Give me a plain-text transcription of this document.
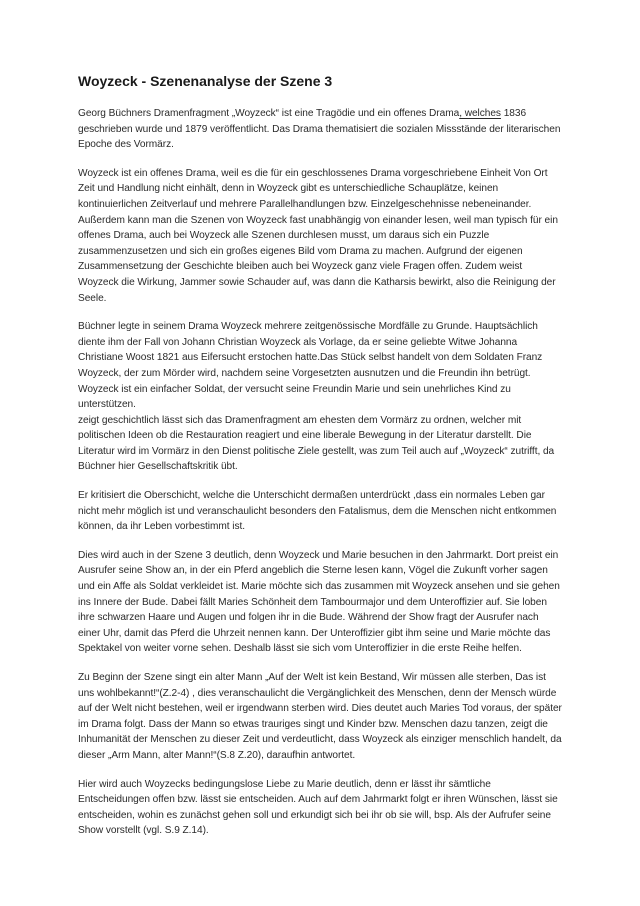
Woyzeck - Szenenanalyse der Szene 3

Georg Büchners Dramenfragment „Woyzeck“ ist eine Tragödie und ein offenes Drama, welches 1836 geschrieben wurde und 1879 veröffentlicht. Das Drama thematisiert die sozialen Missstände der literarischen Epoche des Vormärz.

Woyzeck ist ein offenes Drama, weil es die für ein geschlossenes Drama vorgeschriebene Einheit Von Ort Zeit und Handlung nicht einhält, denn in Woyzeck gibt es unterschiedliche Schauplätze, keinen kontinuierlichen Zeitverlauf und mehrere Parallelhandlungen bzw. Einzelgeschehnisse nebeneinander. Außerdem kann man die Szenen von Woyzeck fast unabhängig von einander lesen, weil man typisch für ein offenes Drama, auch bei Woyzeck alle Szenen durchlesen musst, um daraus sich ein Puzzle zusammenzusetzen und sich ein großes eigenes Bild vom Drama zu machen. Aufgrund der eigenen Zusammensetzung der Geschichte bleiben auch bei Woyzeck ganz viele Fragen offen. Zudem weist Woyzeck die Wirkung, Jammer sowie Schauder auf, was dann die Katharsis bewirkt, also die Reinigung der Seele.

Büchner legte in seinem Drama Woyzeck mehrere zeitgenössische Mordfälle zu Grunde. Hauptsächlich diente ihm der Fall von Johann Christian Woyzeck als Vorlage, da er seine geliebte Witwe Johanna Christiane Woost 1821 aus Eifersucht erstochen hatte.Das Stück selbst handelt von dem Soldaten Franz Woyzeck, der zum Mörder wird, nachdem seine Vorgesetzten ausnutzen und die Freundin ihn betrügt. Woyzeck ist ein einfacher Soldat, der versucht seine Freundin Marie und sein unehrliches Kind zu unterstützen.

zeigt geschichtlich lässt sich das Dramenfragment am ehesten dem Vormärz zu ordnen, welcher mit politischen Ideen ob die Restauration reagiert und eine liberale Bewegung in der Literatur darstellt. Die Literatur wird im Vormärz in den Dienst politische Ziele gestellt, was zum Teil auch auf „Woyzeck“ zutrifft, da Büchner hier Gesellschaftskritik übt.

Er kritisiert die Oberschicht, welche die Unterschicht dermaßen unterdrückt ,dass ein normales Leben gar nicht mehr möglich ist und veranschaulicht besonders den Fatalismus, dem die Menschen nicht entkommen können, da ihr Leben vorbestimmt ist.

Dies wird auch in der Szene 3 deutlich, denn Woyzeck und Marie besuchen in den Jahrmarkt. Dort preist ein Ausrufer seine Show an, in der ein Pferd angeblich die Sterne lesen kann, Vögel die Zukunft vorher sagen und ein Affe als Soldat verkleidet ist. Marie möchte sich das zusammen mit Woyzeck ansehen und sie gehen ins Innere der Bude. Dabei fällt Maries Schönheit dem Tambourmajor und dem Unteroffizier auf. Sie loben ihre schwarzen Haare und Augen und folgen ihr in die Bude. Während der Show fragt der Ausrufer nach einer Uhr, damit das Pferd die Uhrzeit nennen kann. Der Unteroffizier gibt ihm seine und Marie möchte das Spektakel von weiter vorne sehen. Deshalb lässt sie sich vom Unteroffizier in die erste Reihe helfen.

Zu Beginn der Szene singt ein alter Mann „Auf der Welt ist kein Bestand, Wir müssen alle sterben, Das ist uns wohlbekannt!“(Z.2-4) , dies veranschaulicht die Vergänglichkeit des Menschen, denn der Mensch würde auf der Welt nicht bestehen, weil er irgendwann sterben wird. Dies deutet auch Maries Tod voraus, der später im Drama folgt. Dass der Mann so etwas trauriges singt und Kinder bzw. Menschen dazu tanzen, zeigt die Inhumanität der Menschen zu dieser Zeit und verdeutlicht, dass Woyzeck als einziger menschlich handelt, da dieser „Arm Mann, alter Mann!“(S.8 Z.20), daraufhin antwortet.

Hier wird auch Woyzecks bedingungslose Liebe zu Marie deutlich, denn er lässt ihr sämtliche Entscheidungen offen bzw. lässt sie entscheiden. Auch auf dem Jahrmarkt folgt er ihren Wünschen, lässt sie entscheiden, wohin es zunächst gehen soll und erkundigt sich bei ihr ob sie will, bsp. Als der Aufrufer seine Show vorstellt (vgl. S.9 Z.14).
